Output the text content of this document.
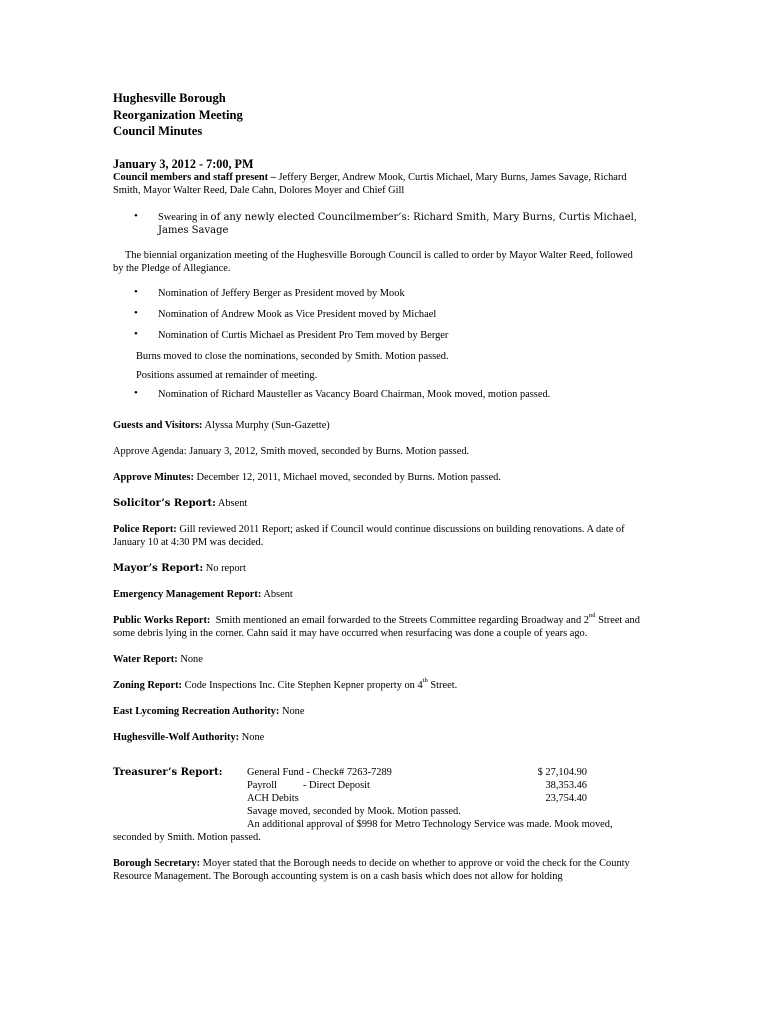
Hughesville Borough
Reorganization Meeting
Council Minutes
January 3, 2012 - 7:00, PM

Council members and staff present – Jeffery Berger, Andrew Mook, Curtis Michael, Mary Burns, James Savage, Richard Smith, Mayor Walter Reed, Dale Cahn, Dolores Moyer and Chief Gill

• Swearing in of any newly elected Councilmember’s: Richard Smith, Mary Burns, Curtis Michael, James Savage

The biennial organization meeting of the Hughesville Borough Council is called to order by Mayor Walter Reed, followed by the Pledge of Allegiance.

• Nomination of Jeffery Berger as President moved by Mook
• Nomination of Andrew Mook as Vice President moved by Michael
• Nomination of Curtis Michael as President Pro Tem moved by Berger

Burns moved to close the nominations, seconded by Smith. Motion passed.

Positions assumed at remainder of meeting.

• Nomination of Richard Mausteller as Vacancy Board Chairman, Mook moved, motion passed.

Guests and Visitors: Alyssa Murphy (Sun-Gazette)

Approve Agenda: January 3, 2012, Smith moved, seconded by Burns. Motion passed.

Approve Minutes: December 12, 2011, Michael moved, seconded by Burns. Motion passed.

Solicitor’s Report: Absent

Police Report: Gill reviewed 2011 Report; asked if Council would continue discussions on building renovations. A date of January 10 at 4:30 PM was decided.

Mayor’s Report: No report

Emergency Management Report: Absent

Public Works Report: Smith mentioned an email forwarded to the Streets Committee regarding Broadway and 2nd Street and some debris lying in the corner. Cahn said it may have occurred when resurfacing was done a couple of years ago.

Water Report: None

Zoning Report: Code Inspections Inc. Cite Stephen Kepner property on 4th Street.

East Lycoming Recreation Authority: None

Hughesville-Wolf Authority: None

Treasurer’s Report: General Fund - Check# 7263-7289	$ 27,104.90
Payroll          - Direct Deposit	38,353.46
ACH Debits	23,754.40
Savage moved, seconded by Mook. Motion passed.

An additional approval of $998 for Metro Technology Service was made. Mook moved,

seconded by Smith. Motion passed.

Borough Secretary: Moyer stated that the Borough needs to decide on whether to approve or void the check for the County Resource Management. The Borough accounting system is on a cash basis which does not allow for holding
